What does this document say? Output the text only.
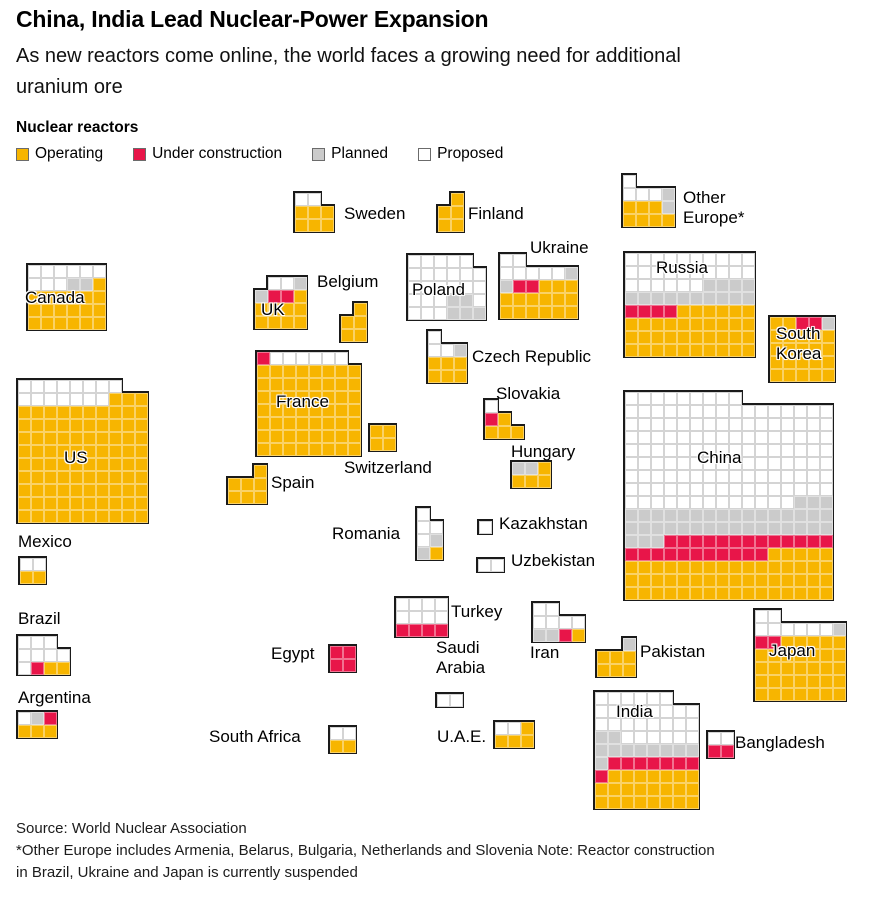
China, India Lead Nuclear-Power Expansion
As new reactors come online, the world faces a growing need for additional
uranium ore
Nuclear reactors
Operating	Under construction	Planned	Proposed
Canada
US
Mexico
Brazil
Argentina
Sweden	Finland
Other
Europe*
UK
Belgium Poland
Ukraine
Russia
South
Korea
France
Switzerland
Spain
Czech Republic
Slovakia
Hungary
Romania
Kazakhstan
Uzbekistan
China
Turkey
Saudi
Arabia
Iran	Pakistan
Egypt
South Africa	U.A.E.
India
Japan
Bangladesh
Source: World Nuclear Association
*Other Europe includes Armenia, Belarus, Bulgaria, Netherlands and Slovenia Note: Reactor construction
in Brazil, Ukraine and Japan is currently suspended
